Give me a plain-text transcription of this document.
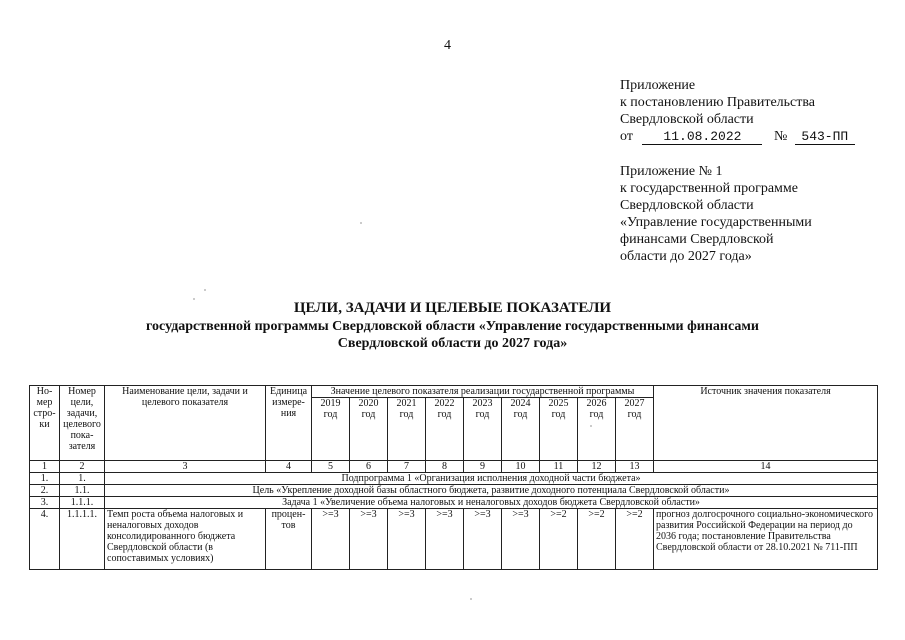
4
Приложение
к постановлению Правительства
Свердловской области
от 11.08.2022 № 543-ПП
Приложение № 1
к государственной программе
Свердловской области
«Управление государственными
финансами Свердловской
области до 2027 года»
ЦЕЛИ, ЗАДАЧИ И ЦЕЛЕВЫЕ ПОКАЗАТЕЛИ
государственной программы Свердловской области «Управление государственными финансами
Свердловской области до 2027 года»
Но-мер стро-ки	Номер цели, задачи, целевого пока-зателя	Наименование цели, задачи и целевого показателя	Единица измере-ния	Значение целевого показателя реализации государственной программы									Источник значения показателя
				2019 год	2020 год	2021 год	2022 год	2023 год	2024 год	2025 год	2026 год	2027 год	
1	2	3	4	5	6	7	8	9	10	11	12	13	14
1.	1.	Подпрограмма 1 «Организация исполнения доходной части бюджета»											
2.	1.1.	Цель «Укрепление доходной базы областного бюджета, развитие доходного потенциала Свердловской области»											
3.	1.1.1.	Задача 1 «Увеличение объема налоговых и неналоговых доходов бюджета Свердловской области»											
4.	1.1.1.1.	Темп роста объема налоговых и неналоговых доходов консолидированного бюджета Свердловской области (в сопоставимых условиях)	процен-тов	>=3	>=3	>=3	>=3	>=3	>=3	>=2	>=2	>=2	прогноз долгосрочного социально-экономического развития Российской Федерации на период до 2036 года; постановление Правительства Свердловской области от 28.10.2021 № 711-ПП
